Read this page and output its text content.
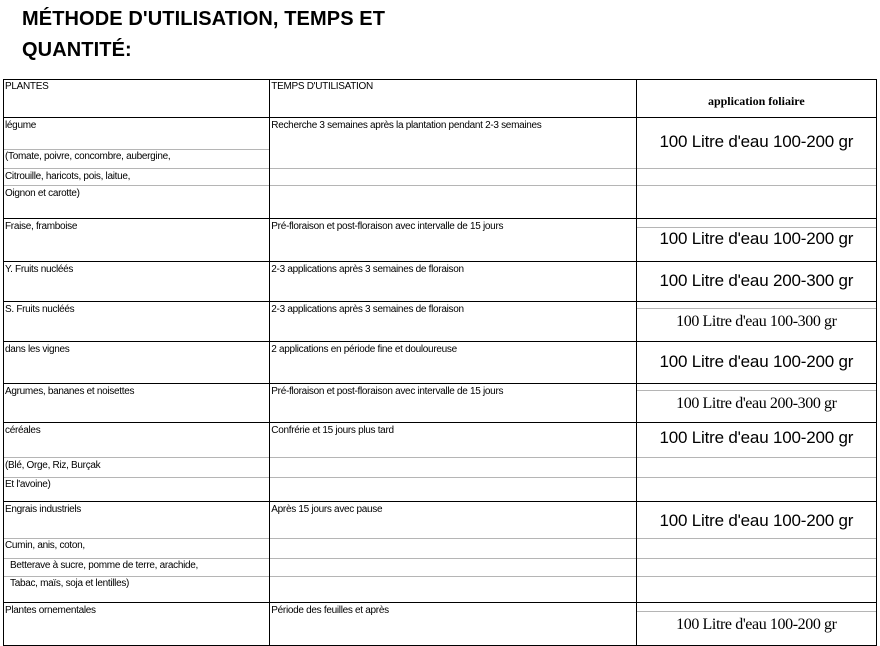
MÉTHODE D'UTILISATION, TEMPS ET
QUANTITÉ:
PLANTES	TEMPS D'UTILISATION	application foliaire

légume
(Tomate, poivre, concombre, aubergine,
Citrouille, haricots, pois, laitue,
Oignon et carotte)	Recherche 3 semaines après la plantation pendant 2-3 semaines	100 Litre d'eau 100-200 gr

Fraise, framboise	Pré-floraison et post-floraison avec intervalle de 15 jours	100 Litre d'eau 100-200 gr

Y. Fruits nucléés	2-3 applications après 3 semaines de floraison	100 Litre d'eau 200-300 gr

S. Fruits nucléés	2-3 applications après 3 semaines de floraison	100 Litre d'eau 100-300 gr

dans les vignes	2 applications en période fine et douloureuse	100 Litre d'eau 100-200 gr

Agrumes, bananes et noisettes	Pré-floraison et post-floraison avec intervalle de 15 jours	100 Litre d'eau 200-300 gr

céréales
(Blé, Orge, Riz, Burçak
Et l'avoine)	Confrérie et 15 jours plus tard	100 Litre d'eau 100-200 gr

Engrais industriels
Cumin, anis, coton,
Betterave à sucre, pomme de terre, arachide,
Tabac, maïs, soja et lentilles)	Après 15 jours avec pause	100 Litre d'eau 100-200 gr

Plantes ornementales	Période des feuilles et après	100 Litre d'eau 100-200 gr
